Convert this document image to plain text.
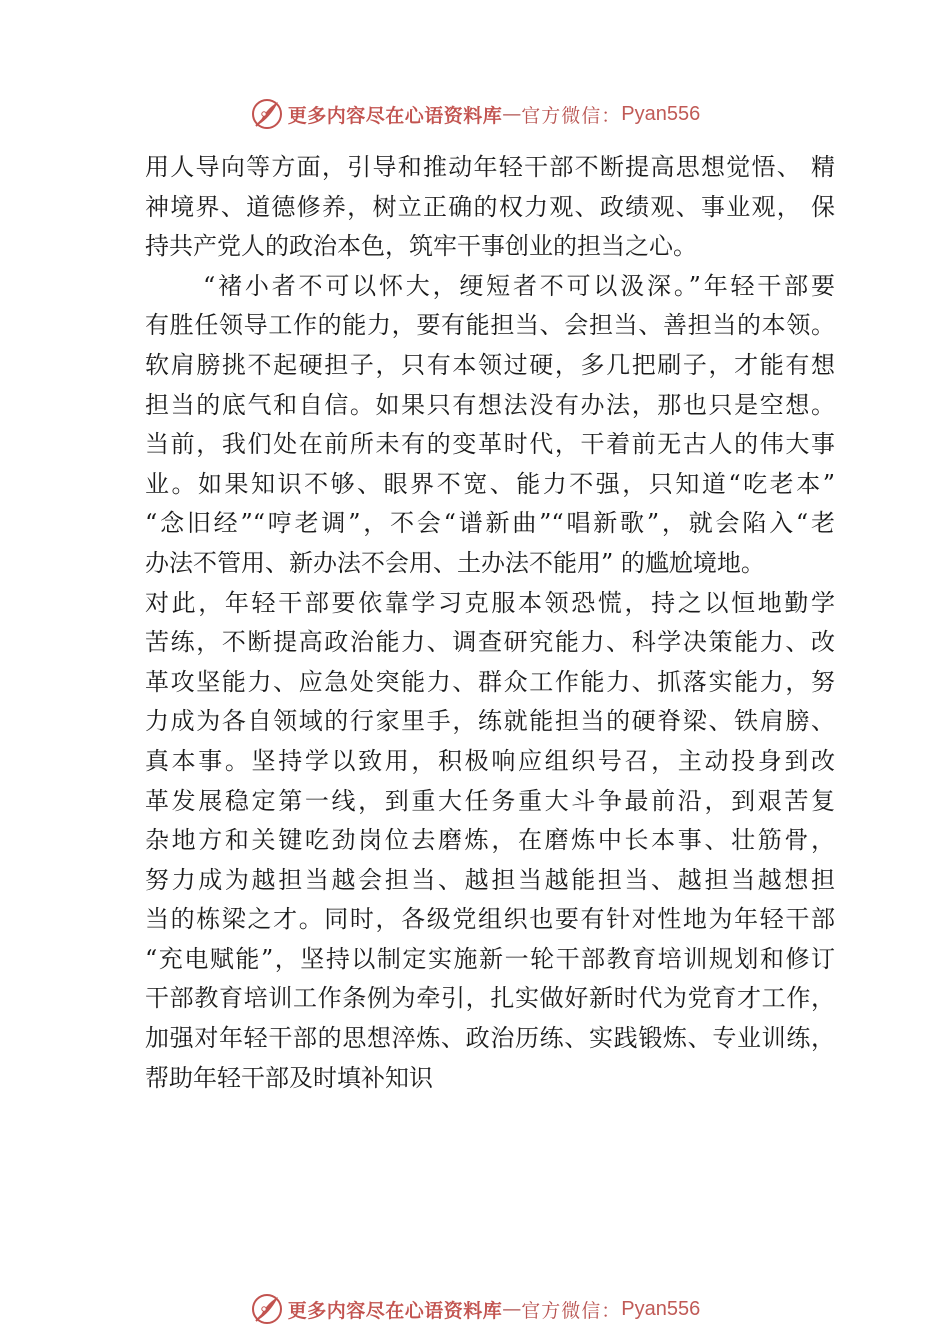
更多内容尽在心语资料库 — 官方微信： Pyan556
用人导向等方面，引导和推动年轻干部不断提高思想觉悟、 精
神境界、道德修养，树立正确的权力观、政绩观、事业观， 保
持共产党人的政治本色，筑牢干事创业的担当之心。
“褚小者不可以怀大，绠短者不可以汲深。”年轻干部要
有胜任领导工作的能力，要有能担当、会担当、善担当的本领。
软肩膀挑不起硬担子，只有本领过硬，多几把刷子，才能有想
担当的底气和自信。如果只有想法没有办法，那也只是空想。
当前，我们处在前所未有的变革时代，干着前无古人的伟大事
业。如果知识不够、眼界不宽、能力不强，只知道“吃老本”
“念旧经”“哼老调”，不会“谱新曲”“唱新歌”，就会陷入“老
办法不管用、新办法不会用、土办法不能用” 的尴尬境地。
对此，年轻干部要依靠学习克服本领恐慌，持之以恒地勤学
苦练，不断提高政治能力、调查研究能力、科学决策能力、改
革攻坚能力、应急处突能力、群众工作能力、抓落实能力，努
力成为各自领域的行家里手，练就能担当的硬脊梁、铁肩膀、
真本事。坚持学以致用，积极响应组织号召，主动投身到改
革发展稳定第一线，到重大任务重大斗争最前沿，到艰苦复
杂地方和关键吃劲岗位去磨炼，在磨炼中长本事、壮筋骨，
努力成为越担当越会担当、越担当越能担当、越担当越想担
当的栋梁之才。同时，各级党组织也要有针对性地为年轻干部
“充电赋能”，坚持以制定实施新一轮干部教育培训规划和修订
干部教育培训工作条例为牵引，扎实做好新时代为党育才工作，
加强对年轻干部的思想淬炼、政治历练、实践锻炼、专业训练，
帮助年轻干部及时填补知识
更多内容尽在心语资料库 — 官方微信： Pyan556
